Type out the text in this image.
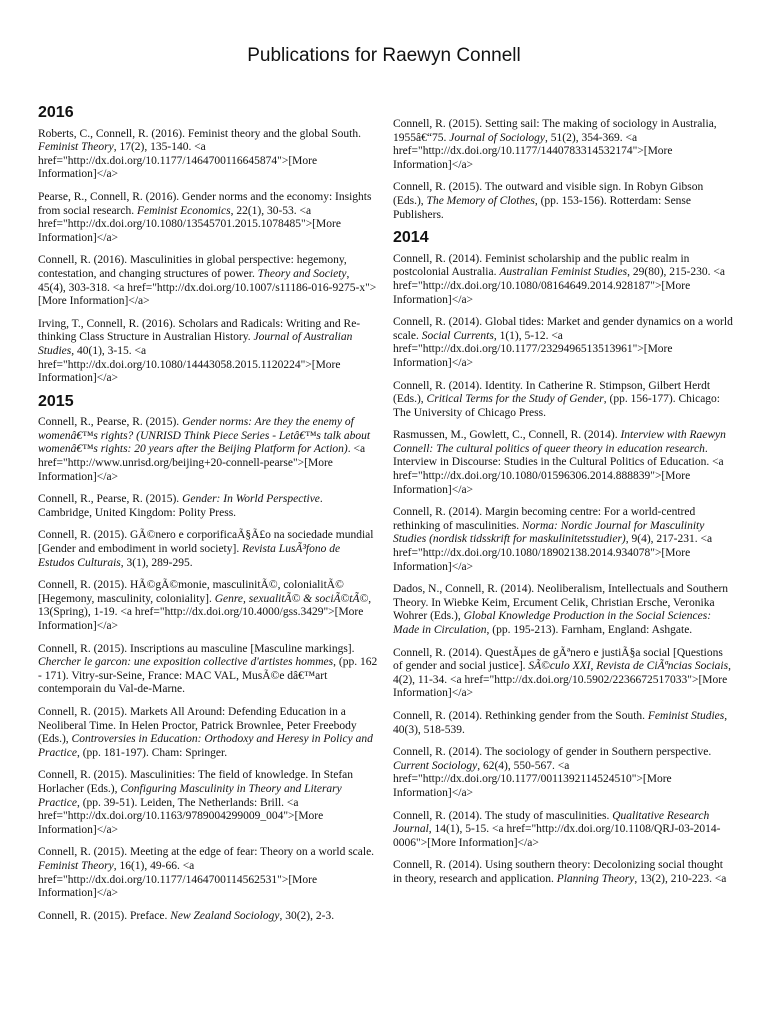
Publications for Raewyn Connell
2016
Roberts, C., Connell, R. (2016). Feminist theory and the global South. Feminist Theory, 17(2), 135-140. <a href="http://dx.doi.org/10.1177/1464700116645874">[More Information]</a>
Pearse, R., Connell, R. (2016). Gender norms and the economy: Insights from social research. Feminist Economics, 22(1), 30-53. <a href="http://dx.doi.org/10.1080/13545701.2015.1078485">[More Information]</a>
Connell, R. (2016). Masculinities in global perspective: hegemony, contestation, and changing structures of power. Theory and Society, 45(4), 303-318. <a href="http://dx.doi.org/10.1007/s11186-016-9275-x">[More Information]</a>
Irving, T., Connell, R. (2016). Scholars and Radicals: Writing and Re-thinking Class Structure in Australian History. Journal of Australian Studies, 40(1), 3-15. <a href="http://dx.doi.org/10.1080/14443058.2015.1120224">[More Information]</a>
2015
Connell, R., Pearse, R. (2015). Gender norms: Are they the enemy of womenâ€™s rights? (UNRISD Think Piece Series - Letâ€™s talk about womenâ€™s rights: 20 years after the Beijing Platform for Action). <a href="http://www.unrisd.org/beijing+20-connell-pearse">[More Information]</a>
Connell, R., Pearse, R. (2015). Gender: In World Perspective. Cambridge, United Kingdom: Polity Press.
Connell, R. (2015). GÃ©nero e corporificaÃ§Ã£o na sociedade mundial [Gender and embodiment in world society]. Revista LusÃ³fono de Estudos Culturais, 3(1), 289-295.
Connell, R. (2015). HÃ©gÃ©monie, masculinitÃ©, colonialitÃ© [Hegemony, masculinity, coloniality]. Genre, sexualitÃ© & sociÃ©tÃ©, 13(Spring), 1-19. <a href="http://dx.doi.org/10.4000/gss.3429">[More Information]</a>
Connell, R. (2015). Inscriptions au masculine [Masculine markings]. Chercher le garcon: une exposition collective d'artistes hommes, (pp. 162 - 171). Vitry-sur-Seine, France: MAC VAL, MusÃ©e dâ€™art contemporain du Val-de-Marne.
Connell, R. (2015). Markets All Around: Defending Education in a Neoliberal Time. In Helen Proctor, Patrick Brownlee, Peter Freebody (Eds.), Controversies in Education: Orthodoxy and Heresy in Policy and Practice, (pp. 181-197). Cham: Springer.
Connell, R. (2015). Masculinities: The field of knowledge. In Stefan Horlacher (Eds.), Configuring Masculinity in Theory and Literary Practice, (pp. 39-51). Leiden, The Netherlands: Brill. <a href="http://dx.doi.org/10.1163/9789004299009_004">[More Information]</a>
Connell, R. (2015). Meeting at the edge of fear: Theory on a world scale. Feminist Theory, 16(1), 49-66. <a href="http://dx.doi.org/10.1177/1464700114562531">[More Information]</a>
Connell, R. (2015). Preface. New Zealand Sociology, 30(2), 2-3.
Connell, R. (2015). Setting sail: The making of sociology in Australia, 1955â€“75. Journal of Sociology, 51(2), 354-369. <a href="http://dx.doi.org/10.1177/1440783314532174">[More Information]</a>
Connell, R. (2015). The outward and visible sign. In Robyn Gibson (Eds.), The Memory of Clothes, (pp. 153-156). Rotterdam: Sense Publishers.
2014
Connell, R. (2014). Feminist scholarship and the public realm in postcolonial Australia. Australian Feminist Studies, 29(80), 215-230. <a href="http://dx.doi.org/10.1080/08164649.2014.928187">[More Information]</a>
Connell, R. (2014). Global tides: Market and gender dynamics on a world scale. Social Currents, 1(1), 5-12. <a href="http://dx.doi.org/10.1177/2329496513513961">[More Information]</a>
Connell, R. (2014). Identity. In Catherine R. Stimpson, Gilbert Herdt (Eds.), Critical Terms for the Study of Gender, (pp. 156-177). Chicago: The University of Chicago Press.
Rasmussen, M., Gowlett, C., Connell, R. (2014). Interview with Raewyn Connell: The cultural politics of queer theory in education research. Interview in Discourse: Studies in the Cultural Politics of Education. <a href="http://dx.doi.org/10.1080/01596306.2014.888839">[More Information]</a>
Connell, R. (2014). Margin becoming centre: For a world-centred rethinking of masculinities. Norma: Nordic Journal for Masculinity Studies (nordisk tidsskrift for maskulinitetsstudier), 9(4), 217-231. <a href="http://dx.doi.org/10.1080/18902138.2014.934078">[More Information]</a>
Dados, N., Connell, R. (2014). Neoliberalism, Intellectuals and Southern Theory. In Wiebke Keim, Ercument Celik, Christian Ersche, Veronika Wohrer (Eds.), Global Knowledge Production in the Social Sciences: Made in Circulation, (pp. 195-213). Farnham, England: Ashgate.
Connell, R. (2014). QuestÃµes de gÃªnero e justiÃ§a social [Questions of gender and social justice]. SÃ©culo XXI, Revista de CiÃªncias Sociais, 4(2), 11-34. <a href="http://dx.doi.org/10.5902/2236672517033">[More Information]</a>
Connell, R. (2014). Rethinking gender from the South. Feminist Studies, 40(3), 518-539.
Connell, R. (2014). The sociology of gender in Southern perspective. Current Sociology, 62(4), 550-567. <a href="http://dx.doi.org/10.1177/0011392114524510">[More Information]</a>
Connell, R. (2014). The study of masculinities. Qualitative Research Journal, 14(1), 5-15. <a href="http://dx.doi.org/10.1108/QRJ-03-2014-0006">[More Information]</a>
Connell, R. (2014). Using southern theory: Decolonizing social thought in theory, research and application. Planning Theory, 13(2), 210-223. <a
